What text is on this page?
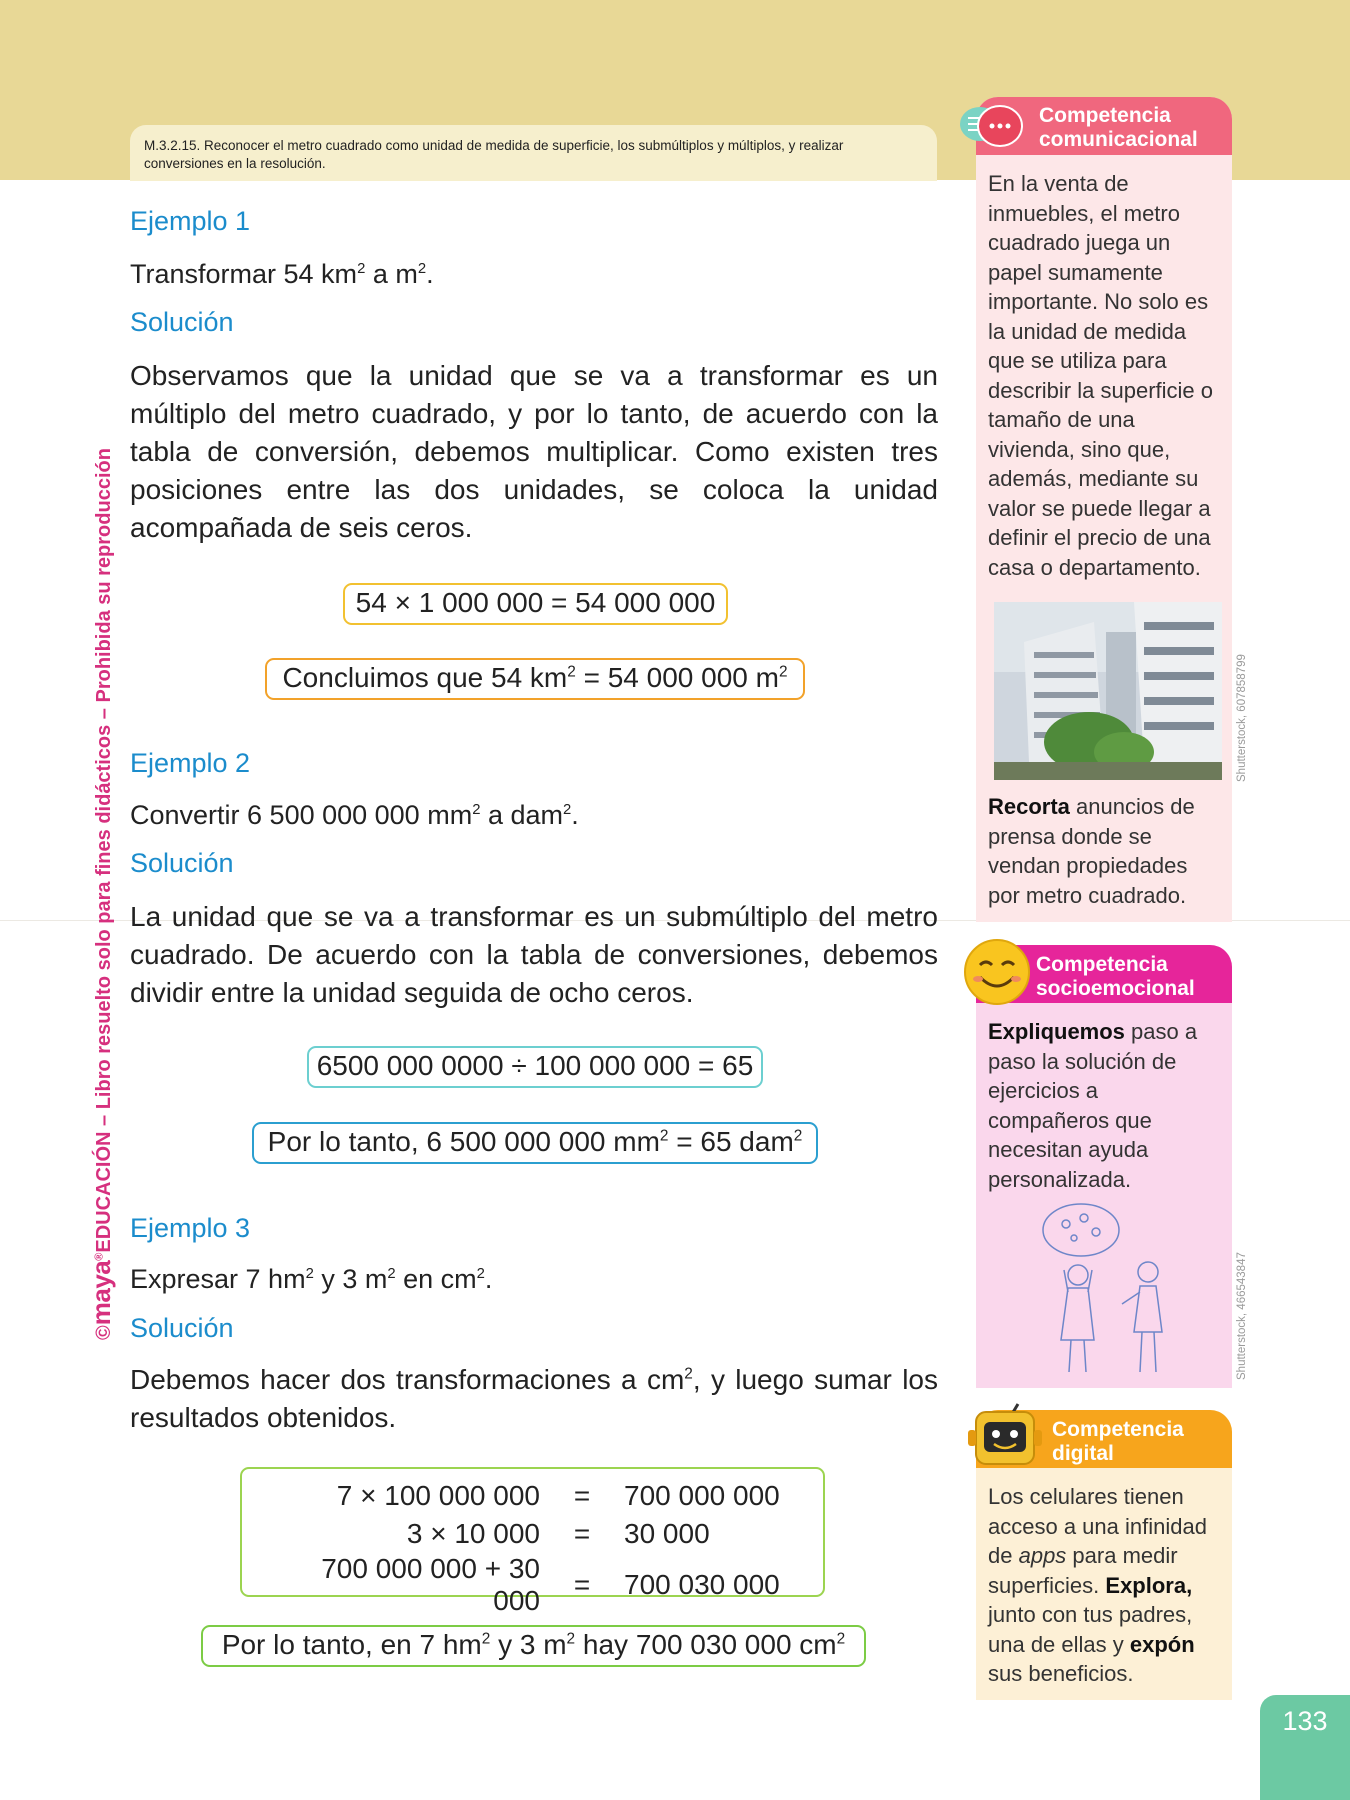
M.3.2.15. Reconocer el metro cuadrado como unidad de medida de superficie, los submúltiplos y múltiplos, y realizar conversiones en la resolución.
©maya®EDUCACIÓN – Libro resuelto solo para fines didácticos – Prohibida su reproducción
Ejemplo 1
Transformar 54 $km^2$ a $m^2$.
Solución
Observamos que la unidad que se va a transformar es un múltiplo del metro cuadrado, y por lo tanto, de acuerdo con la tabla de conversión, debemos multiplicar. Como existen tres posiciones entre las dos unidades, se coloca la unidad acompañada de seis ceros.
Ejemplo 2
Convertir 6 500 000 000 $mm^2$ a dam$^2$.
Solución
La unidad que se va a transformar es un submúltiplo del metro cuadrado. De acuerdo con la tabla de conversiones, debemos dividir entre la unidad seguida de ocho ceros.
Ejemplo 3
Expresar 7 $hm^2$ y 3 $m^2$ en $cm^2$.
Solución
Debemos hacer dos transformaciones a $cm^2$, y luego sumar los resultados obtenidos.
54 × 1 000 000 = 54 000 000
Concluimos que 54 $km^2 = 54$ 000 000 $m^2$
6500 000 0000 ÷ 100 000 000 = 65
Por lo tanto, 6 500 000 000 $mm^2 = 65$ dam$^2$
7 × 100 000 000	=	700 000 000
3 × 10 000	=	30 000
700 000 000 + 30 000	=	700 030 000
Por lo tanto, en 7 $hm^2$ y 3 $m^2$ hay 700 030 000 $cm^2$
Competencia comunicacional
En la venta de inmuebles, el metro cuadrado juega un papel sumamente importante. No solo es la unidad de medida que se utiliza para describir la superficie o tamaño de una vivienda, sino que, además, mediante su valor se puede llegar a definir el precio de una casa o departamento.
Recorta anuncios de prensa donde se vendan propiedades por metro cuadrado.
Shutterstock, 607858799
Competencia socioemocional
Expliquemos paso a paso la solución de ejercicios a compañeros que necesitan ayuda personalizada.
Shutterstock, 466543847
Competencia digital
Los celulares tienen acceso a una infinidad de apps para medir superficies. Explora, junto con tus padres, una de ellas y expón sus beneficios.
133
